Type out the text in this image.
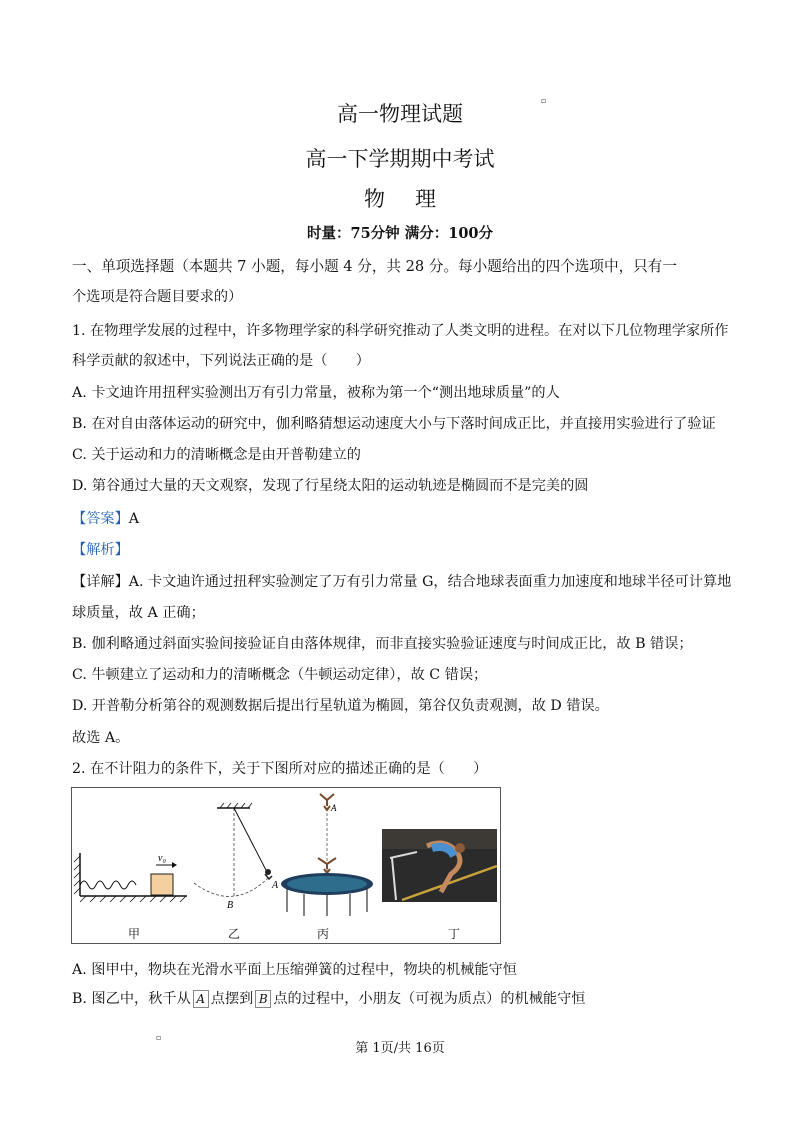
▫
▫
高一物理试题
高一下学期期中考试
物理
时量：75分钟 满分：100分
一、单项选择题（本题共 7 小题，每小题 4 分，共 28 分。每小题给出的四个选项中，只有一
个选项是符合题目要求的）
1. 在物理学发展的过程中，许多物理学家的科学研究推动了人类文明的进程。在对以下几位物理学家所作
科学贡献的叙述中，下列说法正确的是（　　）
A. 卡文迪许用扭秤实验测出万有引力常量，被称为第一个“测出地球质量”的人
B. 在对自由落体运动的研究中，伽利略猜想运动速度大小与下落时间成正比，并直接用实验进行了验证
C. 关于运动和力的清晰概念是由开普勒建立的
D. 第谷通过大量的天文观察，发现了行星绕太阳的运动轨迹是椭圆而不是完美的圆
【答案】A
【解析】
【详解】A. 卡文迪许通过扭秤实验测定了万有引力常量 G，结合地球表面重力加速度和地球半径可计算地
球质量，故 A 正确；
B. 伽利略通过斜面实验间接验证自由落体规律，而非直接实验验证速度与时间成正比，故 B 错误；
C. 牛顿建立了运动和力的清晰概念（牛顿运动定律），故 C 错误；
D. 开普勒分析第谷的观测数据后提出行星轨道为椭圆，第谷仅负责观测，故 D 错误。
故选 A。
2. 在不计阻力的条件下，关于下图所对应的描述正确的是（　　）
v₀
A
B
A
甲	乙	丙	丁
A. 图甲中，物块在光滑水平面上压缩弹簧的过程中，物块的机械能守恒
B. 图乙中，秋千从 A 点摆到 B 点的过程中，小朋友（可视为质点）的机械能守恒
第 1页/共 16页
